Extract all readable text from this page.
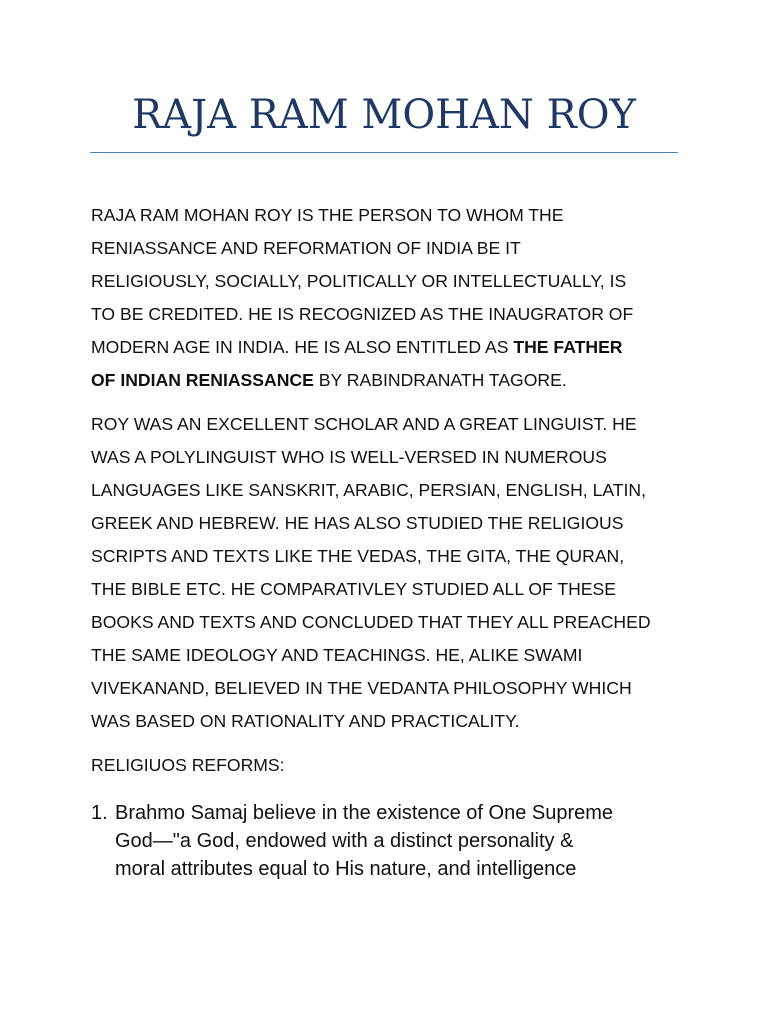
RAJA RAM MOHAN ROY

RAJA RAM MOHAN ROY IS THE PERSON TO WHOM THE
RENIASSANCE AND REFORMATION OF INDIA BE IT
RELIGIOUSLY, SOCIALLY, POLITICALLY OR INTELLECTUALLY, IS
TO BE CREDITED. HE IS RECOGNIZED AS THE INAUGRATOR OF
MODERN AGE IN INDIA. HE IS ALSO ENTITLED AS THE FATHER
OF INDIAN RENIASSANCE BY RABINDRANATH TAGORE.

ROY WAS AN EXCELLENT SCHOLAR AND A GREAT LINGUIST. HE
WAS A POLYLINGUIST WHO IS WELL-VERSED IN NUMEROUS
LANGUAGES LIKE SANSKRIT, ARABIC, PERSIAN, ENGLISH, LATIN,
GREEK AND HEBREW. HE HAS ALSO STUDIED THE RELIGIOUS
SCRIPTS AND TEXTS LIKE THE VEDAS, THE GITA, THE QURAN,
THE BIBLE ETC. HE COMPARATIVLEY STUDIED ALL OF THESE
BOOKS AND TEXTS AND CONCLUDED THAT THEY ALL PREACHED
THE SAME IDEOLOGY AND TEACHINGS. HE, ALIKE SWAMI
VIVEKANAND, BELIEVED IN THE VEDANTA PHILOSOPHY WHICH
WAS BASED ON RATIONALITY AND PRACTICALITY.

RELIGIUOS REFORMS:

1. Brahmo Samaj believe in the existence of One Supreme
God—"a God, endowed with a distinct personality &
moral attributes equal to His nature, and intelligence
